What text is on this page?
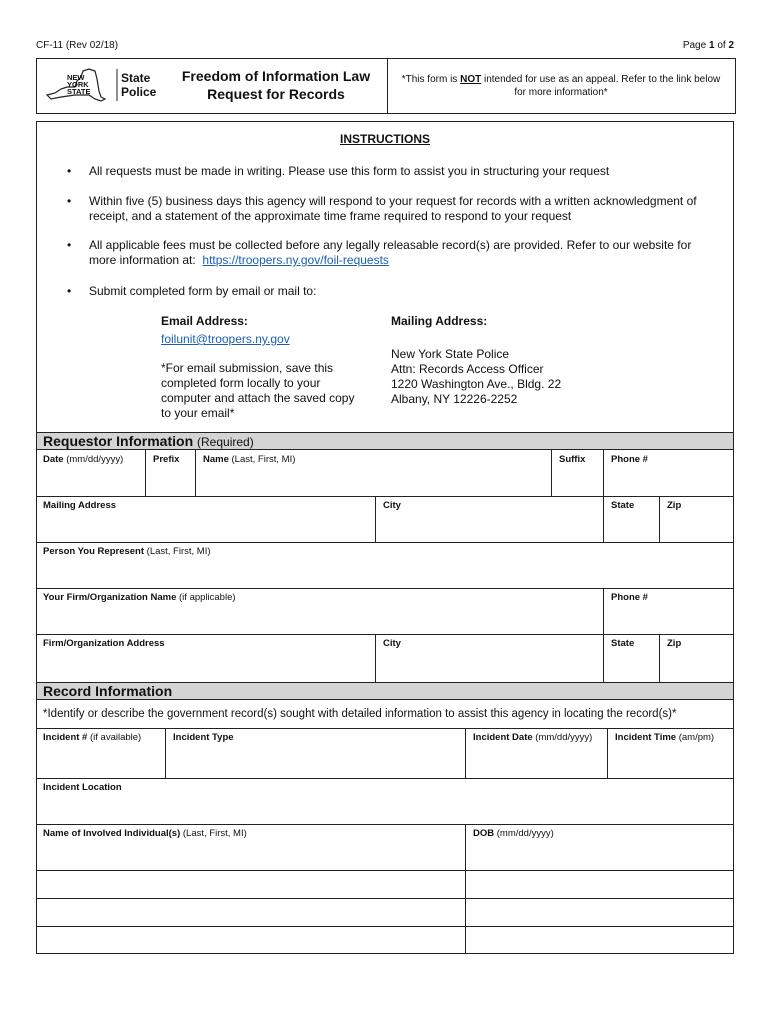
CF-11 (Rev 02/18)	Page 1 of 2
NEW YORK STATE
State Police
Freedom of Information Law
Request for Records
*This form is NOT intended for use as an appeal. Refer to the link below
for more information*
INSTRUCTIONS
• All requests must be made in writing. Please use this form to assist you in structuring your request
• Within five (5) business days this agency will respond to your request for records with a written acknowledgment of
receipt, and a statement of the approximate time frame required to respond to your request
• All applicable fees must be collected before any legally releasable record(s) are provided. Refer to our website for
more information at: https://troopers.ny.gov/foil-requests
• Submit completed form by email or mail to:
Email Address:
foilunit@troopers.ny.gov
*For email submission, save this
completed form locally to your
computer and attach the saved copy
to your email*
Mailing Address:
New York State Police
Attn: Records Access Officer
1220 Washington Ave., Bldg. 22
Albany, NY 12226-2252
Requestor Information (Required)
Date (mm/dd/yyyy)	Prefix Name (Last, First, MI)	Suffix	Phone #
Mailing Address	City	State	Zip
Person You Represent (Last, First, MI)
Your Firm/Organization Name (if applicable)	Phone #
Firm/Organization Address	City	State	Zip
Record Information
*Identify or describe the government record(s) sought with detailed information to assist this agency in locating the record(s)*
Incident # (if available)	Incident Type	Incident Date (mm/dd/yyyy) Incident Time (am/pm)
Incident Location
Name of Involved Individual(s) (Last, First, MI)	DOB (mm/dd/yyyy)
